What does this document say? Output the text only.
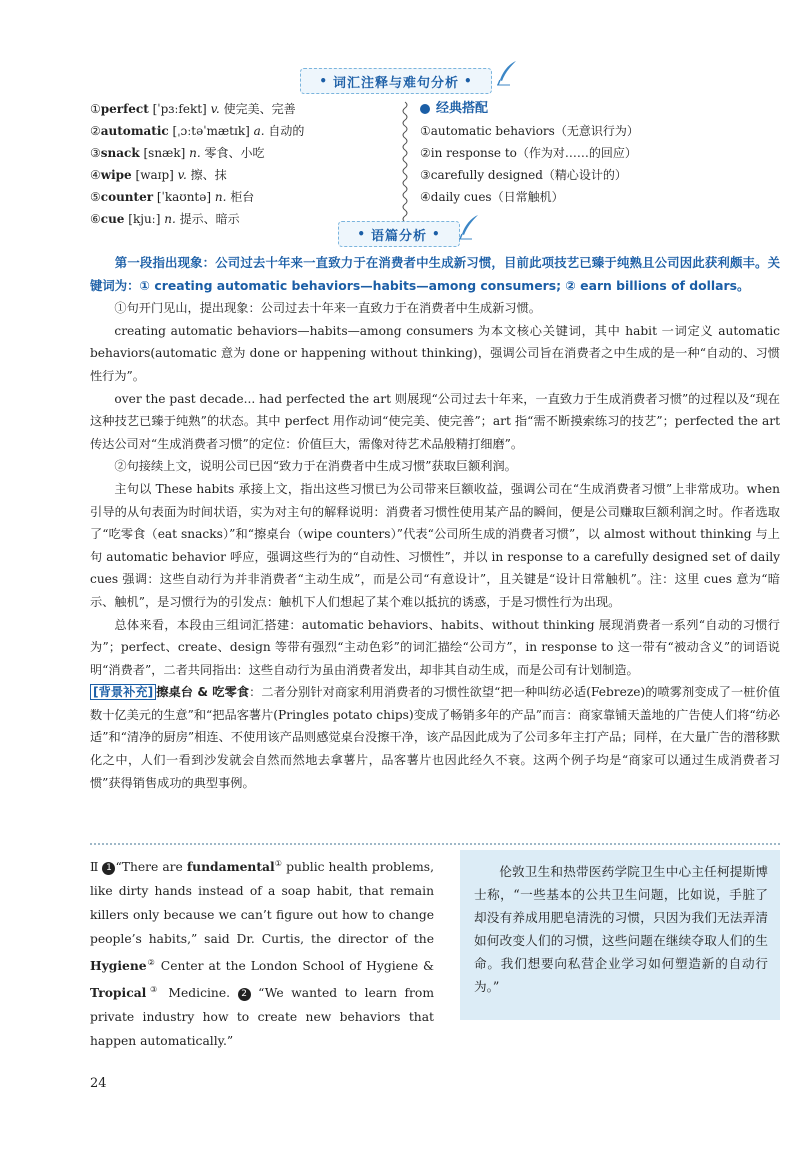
• 词汇注释与难句分析 •
①perfect [ˈpɜːfekt] v. 使完美、完善
②automatic [ˌɔːtəˈmætɪk] a. 自动的
③snack [snæk] n. 零食、小吃
④wipe [waɪp] v. 擦、抹
⑤counter [ˈkaʊntə] n. 柜台
⑥cue [kjuː] n. 提示、暗示
经典搭配
①automatic behaviors（无意识行为）
②in response to（作为对……的回应）
③carefully designed（精心设计的）
④daily cues（日常触机）
• 语篇分析 •

第一段指出现象：公司过去十年来一直致力于在消费者中生成新习惯，目前此项技艺已臻于纯熟且公司因此获利颇丰。关键词为：① creating automatic behaviors—habits—among consumers; ② earn billions of dollars。

①句开门见山，提出现象：公司过去十年来一直致力于在消费者中生成新习惯。

creating automatic behaviors—habits—among consumers 为本文核心关键词，其中 habit 一词定义 automatic behaviors(automatic 意为 done or happening without thinking)，强调公司旨在消费者之中生成的是一种“自动的、习惯性行为”。

over the past decade... had perfected the art 则展现“公司过去十年来，一直致力于生成消费者习惯”的过程以及“现在这种技艺已臻于纯熟”的状态。其中 perfect 用作动词“使完美、使完善”；art 指“需不断摸索练习的技艺”；perfected the art 传达公司对“生成消费者习惯”的定位：价值巨大，需像对待艺术品般精打细磨”。

②句接续上文，说明公司已因“致力于在消费者中生成习惯”获取巨额利润。

主句以 These habits 承接上文，指出这些习惯已为公司带来巨额收益，强调公司在“生成消费者习惯”上非常成功。when 引导的从句表面为时间状语，实为对主句的解释说明：消费者习惯性使用某产品的瞬间，便是公司赚取巨额利润之时。作者选取了“吃零食（eat snacks）”和“擦桌台（wipe counters）”代表“公司所生成的消费者习惯”，以 almost without thinking 与上句 automatic behavior 呼应，强调这些行为的“自动性、习惯性”，并以 in response to a carefully designed set of daily cues 强调：这些自动行为并非消费者“主动生成”，而是公司“有意设计”，且关键是“设计日常触机”。注：这里 cues 意为“暗示、触机”，是习惯行为的引发点：触机下人们想起了某个难以抵抗的诱惑，于是习惯性行为出现。

总体来看，本段由三组词汇搭建：automatic behaviors、habits、without thinking 展现消费者一系列“自动的习惯行为”；perfect、create、design 等带有强烈“主动色彩”的词汇描绘“公司方”，in response to 这一带有“被动含义”的词语说明“消费者”，二者共同指出：这些自动行为虽由消费者发出，却非其自动生成，而是公司有计划制造。

[背景补充] 擦桌台 & 吃零食：二者分别针对商家利用消费者的习惯性欲望“把一种叫纺必适(Febreze)的喷雾剂变成了一桩价值数十亿美元的生意”和“把品客薯片(Pringles potato chips)变成了畅销多年的产品”而言：商家靠铺天盖地的广告使人们将“纺必适”和“清净的厨房”相连、不使用该产品则感觉桌台没擦干净，该产品因此成为了公司多年主打产品；同样，在大量广告的潜移默化之中，人们一看到沙发就会自然而然地去拿薯片，品客薯片也因此经久不衰。这两个例子均是“商家可以通过生成消费者习惯”获得销售成功的典型事例。

Ⅱ 1 “There are fundamental① public health problems, like dirty hands instead of a soap habit, that remain killers only because we can’t figure out how to change people’s habits,” said Dr. Curtis, the director of the Hygiene② Center at the London School of Hygiene & Tropical③ Medicine. 2 “We wanted to learn from private industry how to create new behaviors that happen automatically.”
伦敦卫生和热带医药学院卫生中心主任柯提斯博士称，“一些基本的公共卫生问题，比如说，手脏了却没有养成用肥皂清洗的习惯，只因为我们无法弄清如何改变人们的习惯，这些问题在继续夺取人们的生命。我们想要向私营企业学习如何塑造新的自动行为。”
24
